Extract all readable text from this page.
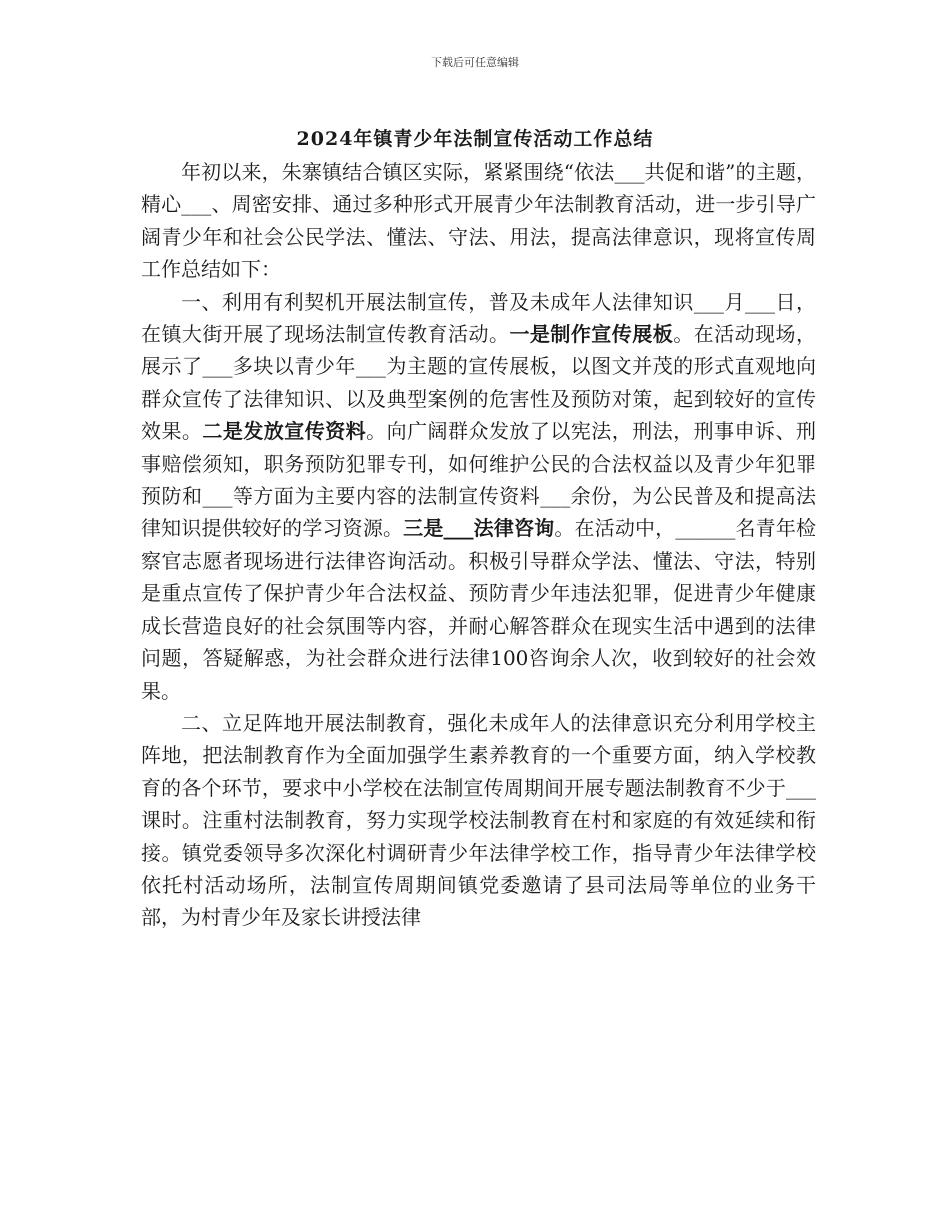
下载后可任意编辑
2024年镇青少年法制宣传活动工作总结

年初以来，朱寨镇结合镇区实际，紧紧围绕“依法___共促和谐”的主题，精心___、周密安排、通过多种形式开展青少年法制教育活动，进一步引导广阔青少年和社会公民学法、懂法、守法、用法，提高法律意识，现将宣传周工作总结如下：

一、利用有利契机开展法制宣传，普及未成年人法律知识___月___日，在镇大街开展了现场法制宣传教育活动。一是制作宣传展板。在活动现场，展示了___多块以青少年___为主题的宣传展板，以图文并茂的形式直观地向群众宣传了法律知识、以及典型案例的危害性及预防对策，起到较好的宣传效果。二是发放宣传资料。向广阔群众发放了以宪法，刑法，刑事申诉、刑事赔偿须知，职务预防犯罪专刊，如何维护公民的合法权益以及青少年犯罪预防和___等方面为主要内容的法制宣传资料___余份，为公民普及和提高法律知识提供较好的学习资源。三是___法律咨询。在活动中，______名青年检察官志愿者现场进行法律咨询活动。积极引导群众学法、懂法、守法，特别是重点宣传了保护青少年合法权益、预防青少年违法犯罪，促进青少年健康成长营造良好的社会氛围等内容，并耐心解答群众在现实生活中遇到的法律问题，答疑解惑，为社会群众进行法律100咨询余人次，收到较好的社会效果。

二、立足阵地开展法制教育，强化未成年人的法律意识充分利用学校主阵地，把法制教育作为全面加强学生素养教育的一个重要方面，纳入学校教育的各个环节，要求中小学校在法制宣传周期间开展专题法制教育不少于___课时。注重村法制教育，努力实现学校法制教育在村和家庭的有效延续和衔接。镇党委领导多次深化村调研青少年法律学校工作，指导青少年法律学校依托村活动场所，法制宣传周期间镇党委邀请了县司法局等单位的业务干部，为村青少年及家长讲授法律
